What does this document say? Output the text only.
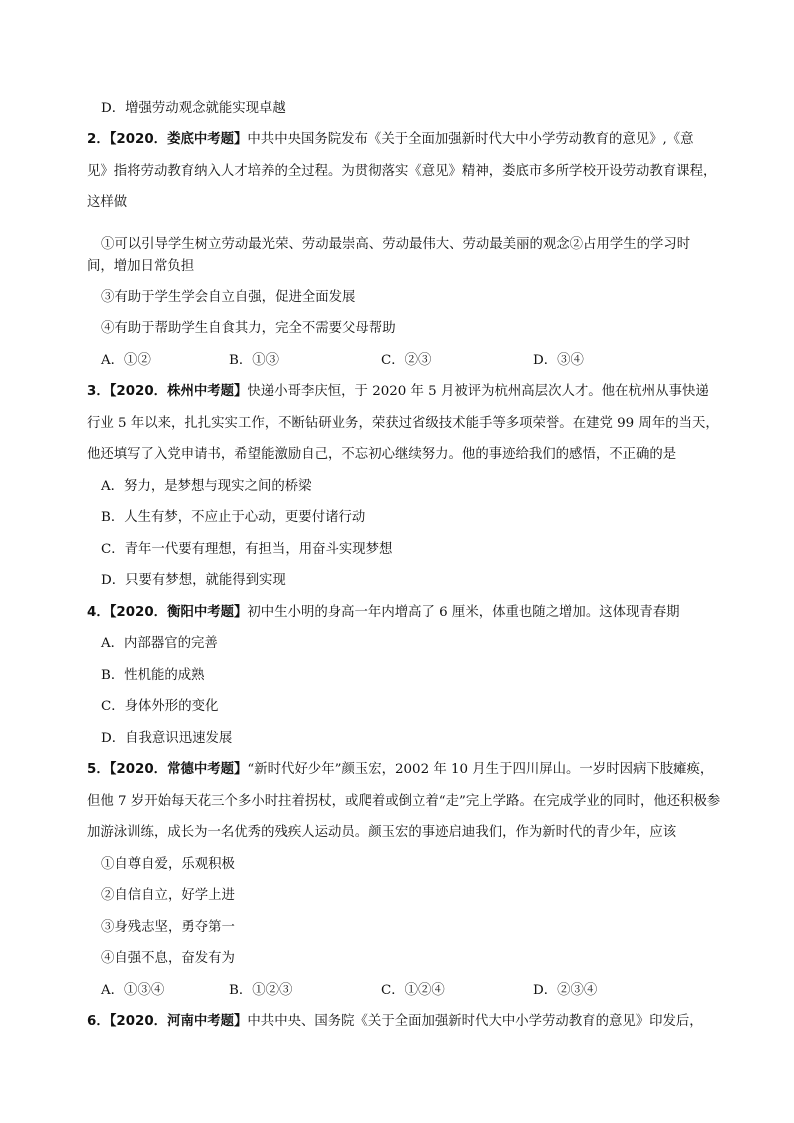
D．增强劳动观念就能实现卓越
2．【2020．娄底中考题】中共中央国务院发布《关于全面加强新时代大中小学劳动教育的意见》,《意
见》指将劳动教育纳入人才培养的全过程。为贯彻落实《意见》精神，娄底市多所学校开设劳动教育课程，
这样做
①可以引导学生树立劳动最光荣、劳动最崇高、劳动最伟大、劳动最美丽的观念②占用学生的学习时
间，增加日常负担
③有助于学生学会自立自强，促进全面发展
④有助于帮助学生自食其力，完全不需要父母帮助
3．【2020．株州中考题】快递小哥李庆恒，于 2020 年 5 月被评为杭州高层次人才。他在杭州从事快递
行业 5 年以来，扎扎实实工作，不断钻研业务，荣获过省级技术能手等多项荣誉。在建党 99 周年的当天，
他还填写了入党申请书，希望能激励自己，不忘初心继续努力。他的事迹给我们的感悟，不正确的是
A．努力，是梦想与现实之间的桥梁
B．人生有梦，不应止于心动，更要付诸行动
C．青年一代要有理想，有担当，用奋斗实现梦想
D．只要有梦想，就能得到实现
4．【2020．衡阳中考题】初中生小明的身高一年内增高了 6 厘米，体重也随之增加。这体现青春期
A．内部器官的完善
B．性机能的成熟
C．身体外形的变化
D．自我意识迅速发展
5．【2020．常德中考题】“新时代好少年”颜玉宏，2002 年 10 月生于四川屏山。一岁时因病下肢瘫痪，
但他 7 岁开始每天花三个多小时拄着拐杖，或爬着或倒立着“走”完上学路。在完成学业的同时，他还积极参
加游泳训练，成长为一名优秀的残疾人运动员。颜玉宏的事迹启迪我们，作为新时代的青少年，应该
①自尊自爱，乐观积极
②自信自立，好学上进
③身残志坚，勇夺第一
④自强不息，奋发有为
6．【2020．河南中考题】中共中央、国务院《关于全面加强新时代大中小学劳动教育的意见》印发后，
A．①②	B．①③	C．②③	D．③④
A．①③④	B．①②③	C．①②④	D．②③④
